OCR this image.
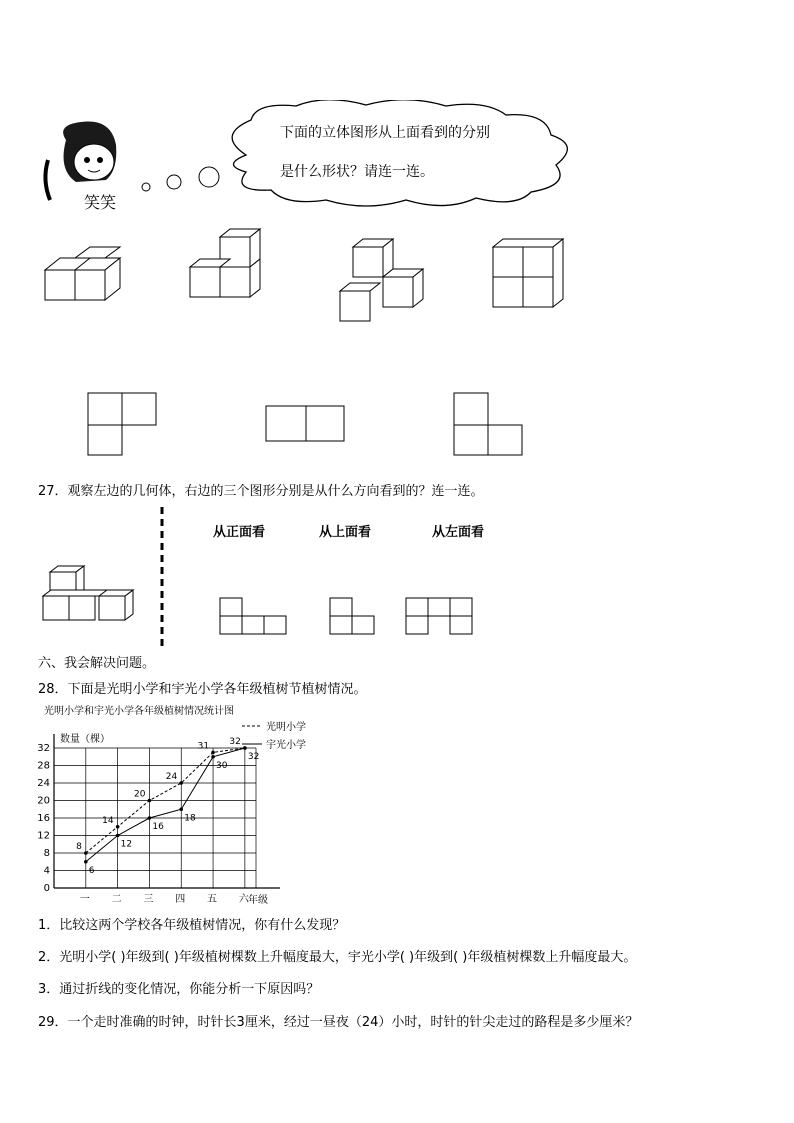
笑笑
下面的立体图形从上面看到的分别
是什么形状？请连一连。
27．观察左边的几何体，右边的三个图形分别是从什么方向看到的？连一连。
从正面看	从上面看	从左面看
六、我会解决问题。
28．下面是光明小学和宇光小学各年级植树节植树情况。
光明小学和宇光小学各年级植树情况统计图
数量（棵）
年级
0
4
8
12
16
20
24
28
32
一 二 三 四 五 六
8
14
20
24
31 32
6
12
16
18
30
32
光明小学
宇光小学
1．比较这两个学校各年级植树情况，你有什么发现？
2．光明小学( )年级到( )年级植树棵数上升幅度最大，宇光小学( )年级到( )年级植树棵数上升幅度最大。
3．通过折线的变化情况，你能分析一下原因吗？
29．一个走时准确的时钟，时针长3厘米，经过一昼夜（24）小时，时针的针尖走过的路程是多少厘米？
